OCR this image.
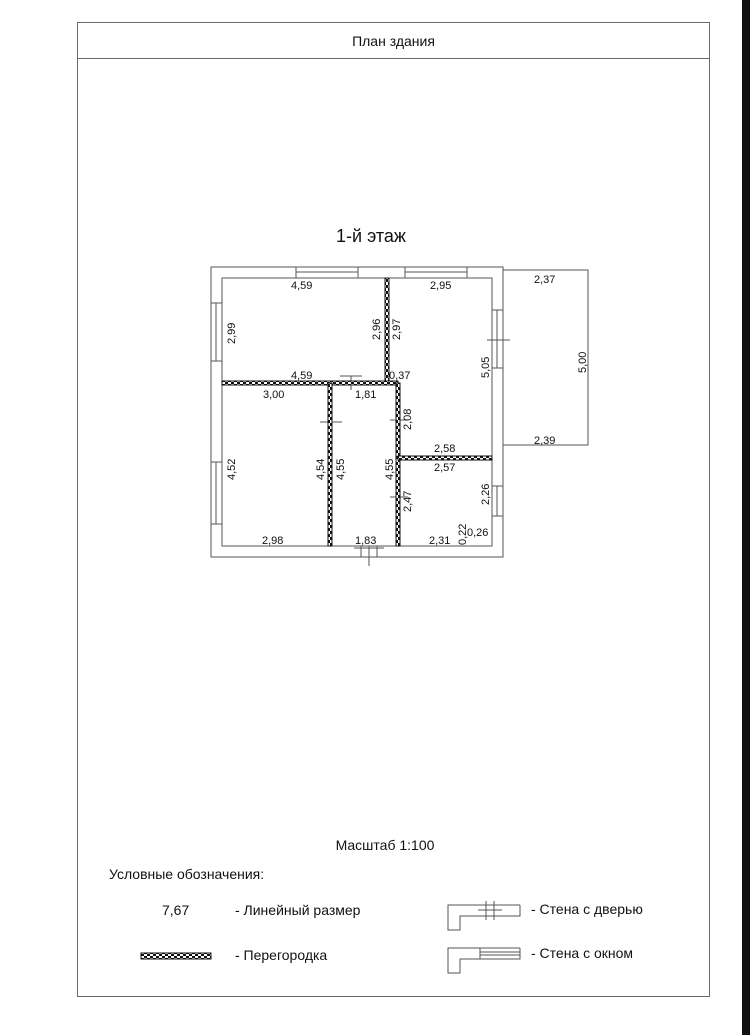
План здания
1-й этаж
4,59	2,95	2,37
2,39
5,00
2,99	2,96 2,97
5,05
4,59	0,37
3,00	1,81
2,08
2,58
2,57
4,52	4,54 4,55	4,55
2,47	2,26
0,22
0,26
2,98	1,83	2,31
Масштаб 1:100
Условные обозначения:
7,67	- Линейный размер
- Перегородка
- Стена с дверью
- Стена с окном
Домклик
